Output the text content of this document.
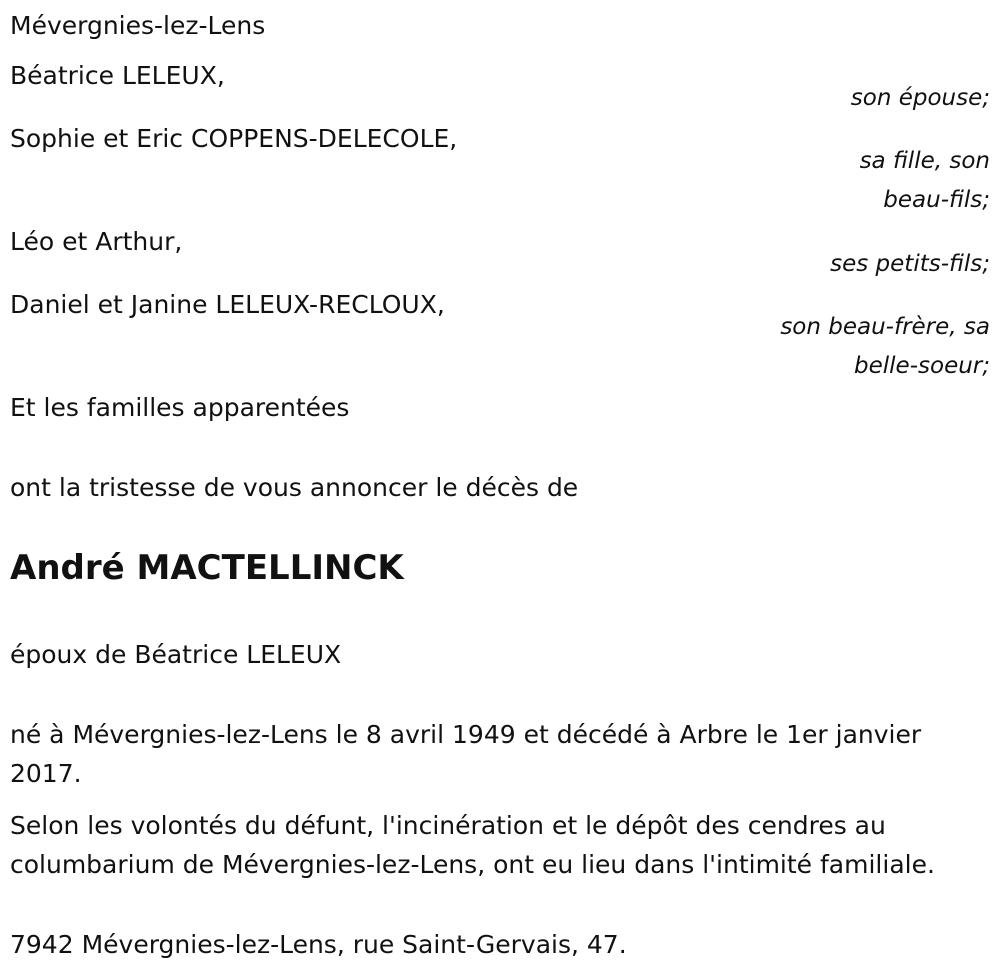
Mévergnies-lez-Lens
Béatrice LELEUX,
son épouse;
Sophie et Eric COPPENS-DELECOLE,
sa fille, son
beau-fils;
Léo et Arthur,
ses petits-fils;
Daniel et Janine LELEUX-RECLOUX,
son beau-frère, sa
belle-soeur;
Et les familles apparentées
ont la tristesse de vous annoncer le décès de
André MACTELLINCK
époux de Béatrice LELEUX
né à Mévergnies-lez-Lens le 8 avril 1949 et décédé à Arbre le 1er janvier 2017.
Selon les volontés du défunt, l'incinération et le dépôt des cendres au columbarium de Mévergnies-lez-Lens, ont eu lieu dans l'intimité familiale.
7942 Mévergnies-lez-Lens, rue Saint-Gervais, 47.
